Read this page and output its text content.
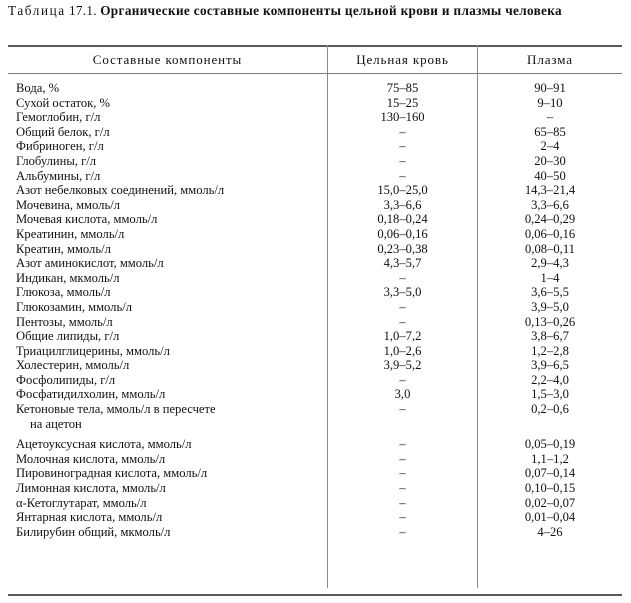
Таблица 17.1. Органические составные компоненты цельной крови и плазмы человека
Составные компоненты	Цельная кровь	Плазма
Вода, %	75–85	90–91
Сухой остаток, %	15–25	9–10
Гемоглобин, г/л	130–160	–
Общий белок, г/л	–	65–85
Фибриноген, г/л	–	2–4
Глобулины, г/л	–	20–30
Альбумины, г/л	–	40–50
Азот небелковых соединений, ммоль/л	15,0–25,0	14,3–21,4
Мочевина, ммоль/л	3,3–6,6	3,3–6,6
Мочевая кислота, ммоль/л	0,18–0,24	0,24–0,29
Креатинин, ммоль/л	0,06–0,16	0,06–0,16
Креатин, ммоль/л	0,23–0,38	0,08–0,11
Азот аминокислот, ммоль/л	4,3–5,7	2,9–4,3
Индикан, мкмоль/л	–	1–4
Глюкоза, ммоль/л	3,3–5,0	3,6–5,5
Глюкозамин, ммоль/л	–	3,9–5,0
Пентозы, ммоль/л	–	0,13–0,26
Общие липиды, г/л	1,0–7,2	3,8–6,7
Триацилглицерины, ммоль/л	1,0–2,6	1,2–2,8
Холестерин, ммоль/л	3,9–5,2	3,9–6,5
Фосфолипиды, г/л	–	2,2–4,0
Фосфатидилхолин, ммоль/л	3,0	1,5–3,0
Кетоновые тела, ммоль/л в пересчете	–	0,2–0,6
на ацетон
Ацетоуксусная кислота, ммоль/л	–	0,05–0,19
Молочная кислота, ммоль/л	–	1,1–1,2
Пировиноградная кислота, ммоль/л	–	0,07–0,14
Лимонная кислота, ммоль/л	–	0,10–0,15
α-Кетоглутарат, ммоль/л	–	0,02–0,07
Янтарная кислота, ммоль/л	–	0,01–0,04
Билирубин общий, мкмоль/л	–	4–26
